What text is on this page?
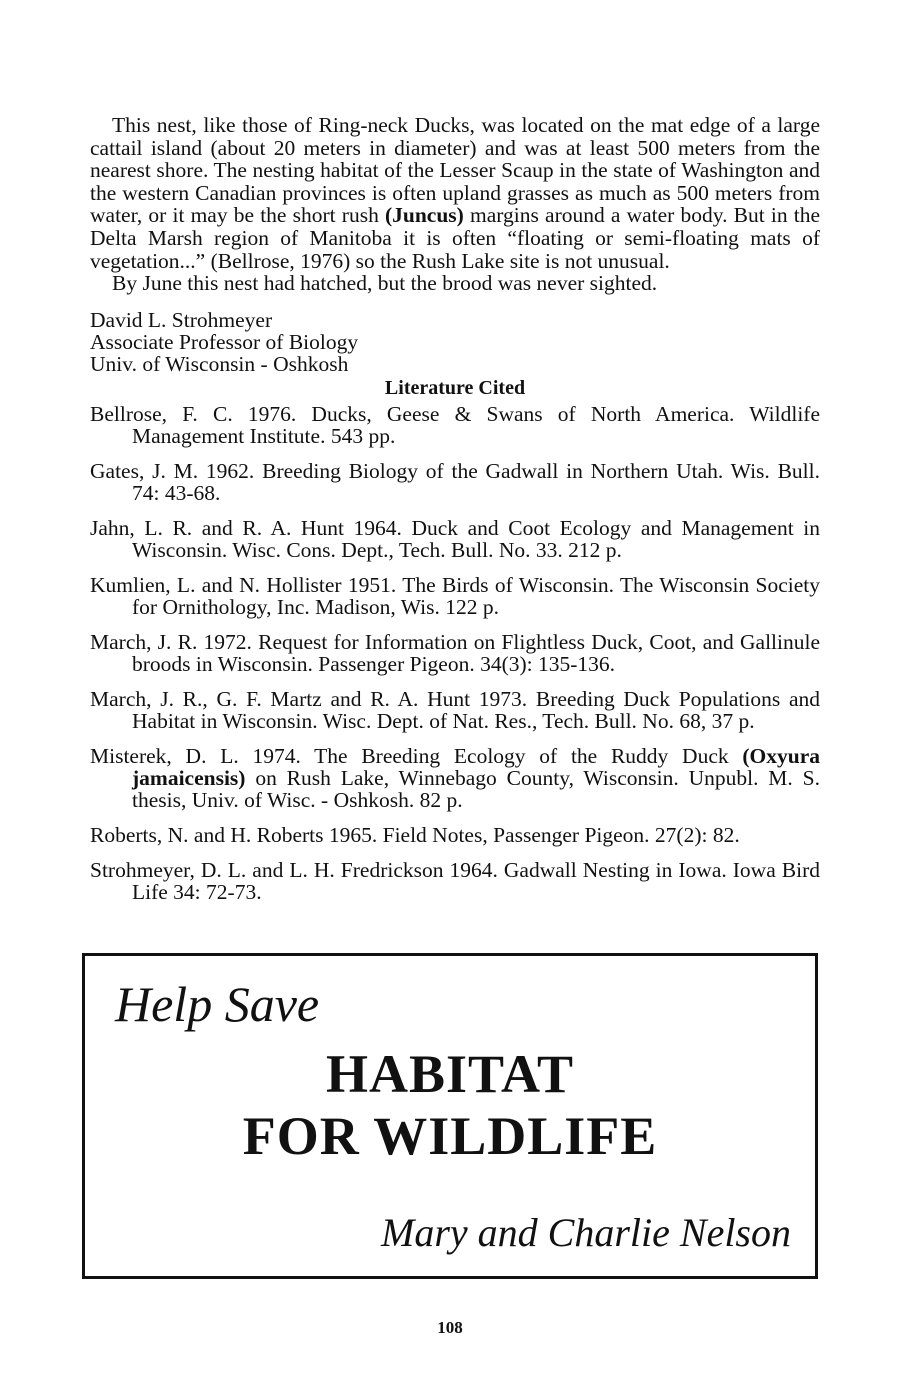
This nest, like those of Ring-neck Ducks, was located on the mat edge of a large cattail island (about 20 meters in diameter) and was at least 500 meters from the nearest shore. The nesting habitat of the Lesser Scaup in the state of Washington and the western Canadian provinces is often upland grasses as much as 500 meters from water, or it may be the short rush (Juncus) margins around a water body. But in the Delta Marsh region of Manitoba it is often “floating or semi-floating mats of vegetation...” (Bellrose, 1976) so the Rush Lake site is not unusual.

By June this nest had hatched, but the brood was never sighted.

David L. Strohmeyer
Associate Professor of Biology
Univ. of Wisconsin - Oshkosh
Literature Cited

Bellrose, F. C. 1976. Ducks, Geese & Swans of North America. Wildlife Management Institute. 543 pp.

Gates, J. M. 1962. Breeding Biology of the Gadwall in Northern Utah. Wis. Bull. 74: 43-68.

Jahn, L. R. and R. A. Hunt 1964. Duck and Coot Ecology and Management in Wisconsin. Wisc. Cons. Dept., Tech. Bull. No. 33. 212 p.

Kumlien, L. and N. Hollister 1951. The Birds of Wisconsin. The Wisconsin Society for Ornithology, Inc. Madison, Wis. 122 p.

March, J. R. 1972. Request for Information on Flightless Duck, Coot, and Gallinule broods in Wisconsin. Passenger Pigeon. 34(3): 135-136.

March, J. R., G. F. Martz and R. A. Hunt 1973. Breeding Duck Populations and Habitat in Wisconsin. Wisc. Dept. of Nat. Res., Tech. Bull. No. 68, 37 p.

Misterek, D. L. 1974. The Breeding Ecology of the Ruddy Duck (Oxyura jamaicensis) on Rush Lake, Winnebago County, Wisconsin. Unpubl. M. S. thesis, Univ. of Wisc. - Oshkosh. 82 p.

Roberts, N. and H. Roberts 1965. Field Notes, Passenger Pigeon. 27(2): 82.

Strohmeyer, D. L. and L. H. Fredrickson 1964. Gadwall Nesting in Iowa. Iowa Bird Life 34: 72-73.

Help Save
HABITAT
FOR WILDLIFE
Mary and Charlie Nelson
108
